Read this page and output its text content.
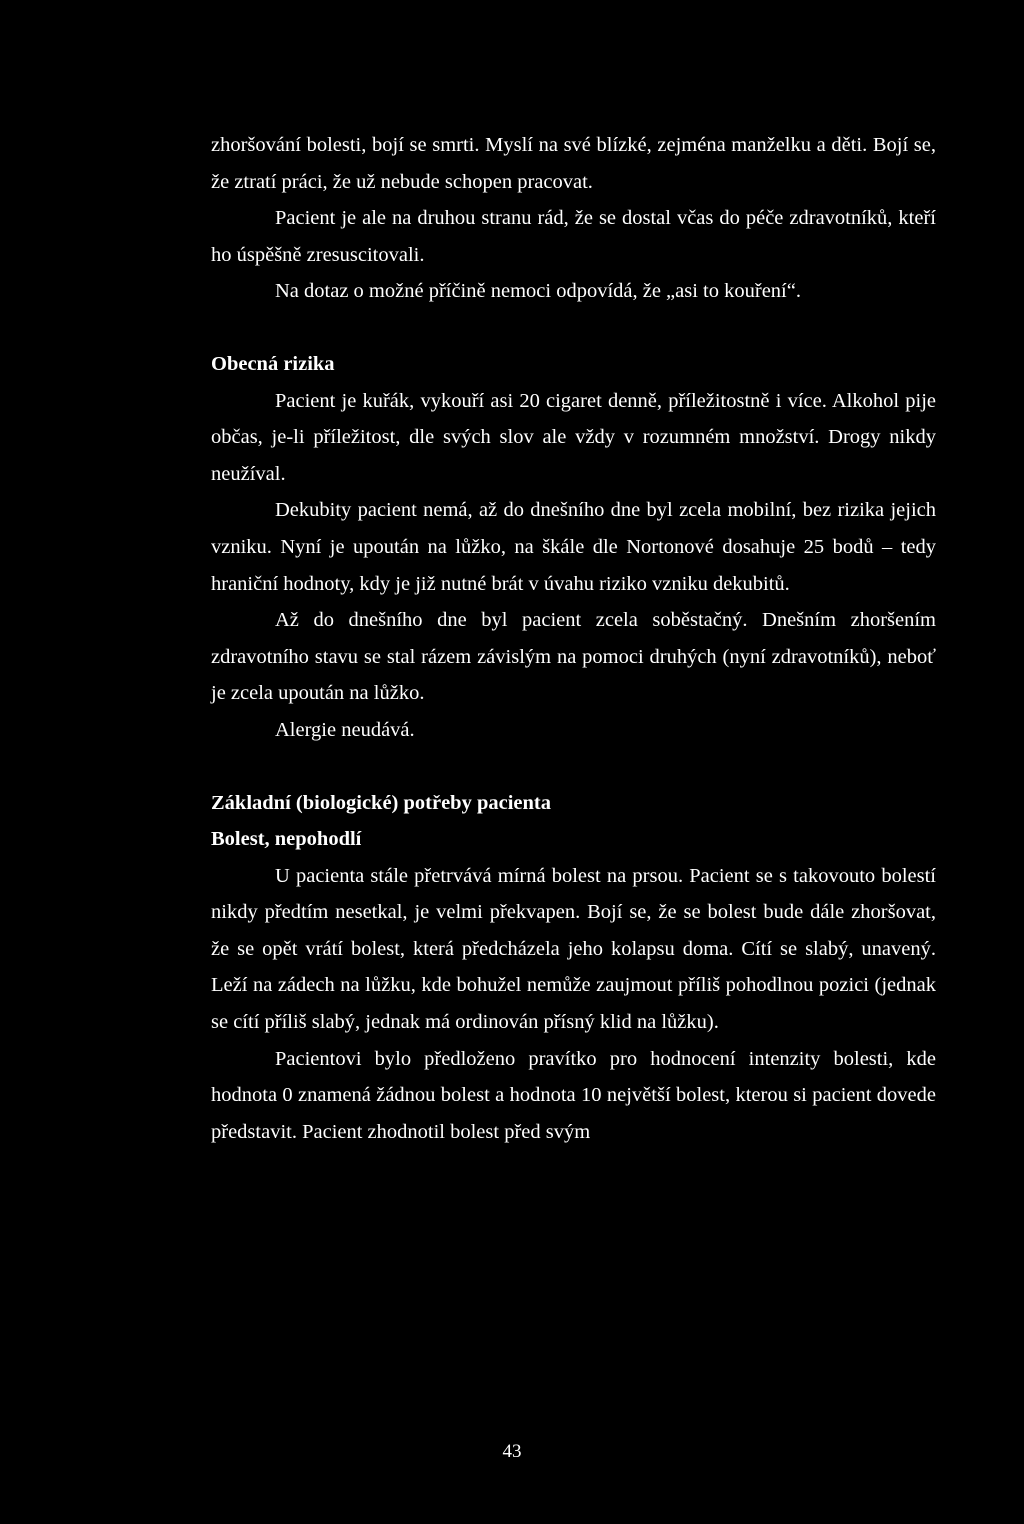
zhoršování bolesti, bojí se smrti. Myslí na své blízké, zejména manželku a děti. Bojí se, že ztratí práci, že už nebude schopen pracovat.

Pacient je ale na druhou stranu rád, že se dostal včas do péče zdravotníků, kteří ho úspěšně zresuscitovali.

Na dotaz o možné příčině nemoci odpovídá, že „asi to kouření“.

Obecná rizika

Pacient je kuřák, vykouří asi 20 cigaret denně, příležitostně i více. Alkohol pije občas, je-li příležitost, dle svých slov ale vždy v rozumném množství. Drogy nikdy neužíval.

Dekubity pacient nemá, až do dnešního dne byl zcela mobilní, bez rizika jejich vzniku. Nyní je upoután na lůžko, na škále dle Nortonové dosahuje 25 bodů – tedy hraniční hodnoty, kdy je již nutné brát v úvahu riziko vzniku dekubitů.

Až do dnešního dne byl pacient zcela soběstačný. Dnešním zhoršením zdravotního stavu se stal rázem závislým na pomoci druhých (nyní zdravotníků), neboť je zcela upoután na lůžko.

Alergie neudává.

Základní (biologické) potřeby pacienta
Bolest, nepohodlí

U pacienta stále přetrvává mírná bolest na prsou. Pacient se s takovouto bolestí nikdy předtím nesetkal, je velmi překvapen. Bojí se, že se bolest bude dále zhoršovat, že se opět vrátí bolest, která předcházela jeho kolapsu doma. Cítí se slabý, unavený. Leží na zádech na lůžku, kde bohužel nemůže zaujmout příliš pohodlnou pozici (jednak se cítí příliš slabý, jednak má ordinován přísný klid na lůžku).

Pacientovi bylo předloženo pravítko pro hodnocení intenzity bolesti, kde hodnota 0 znamená žádnou bolest a hodnota 10 největší bolest, kterou si pacient dovede představit. Pacient zhodnotil bolest před svým

43
